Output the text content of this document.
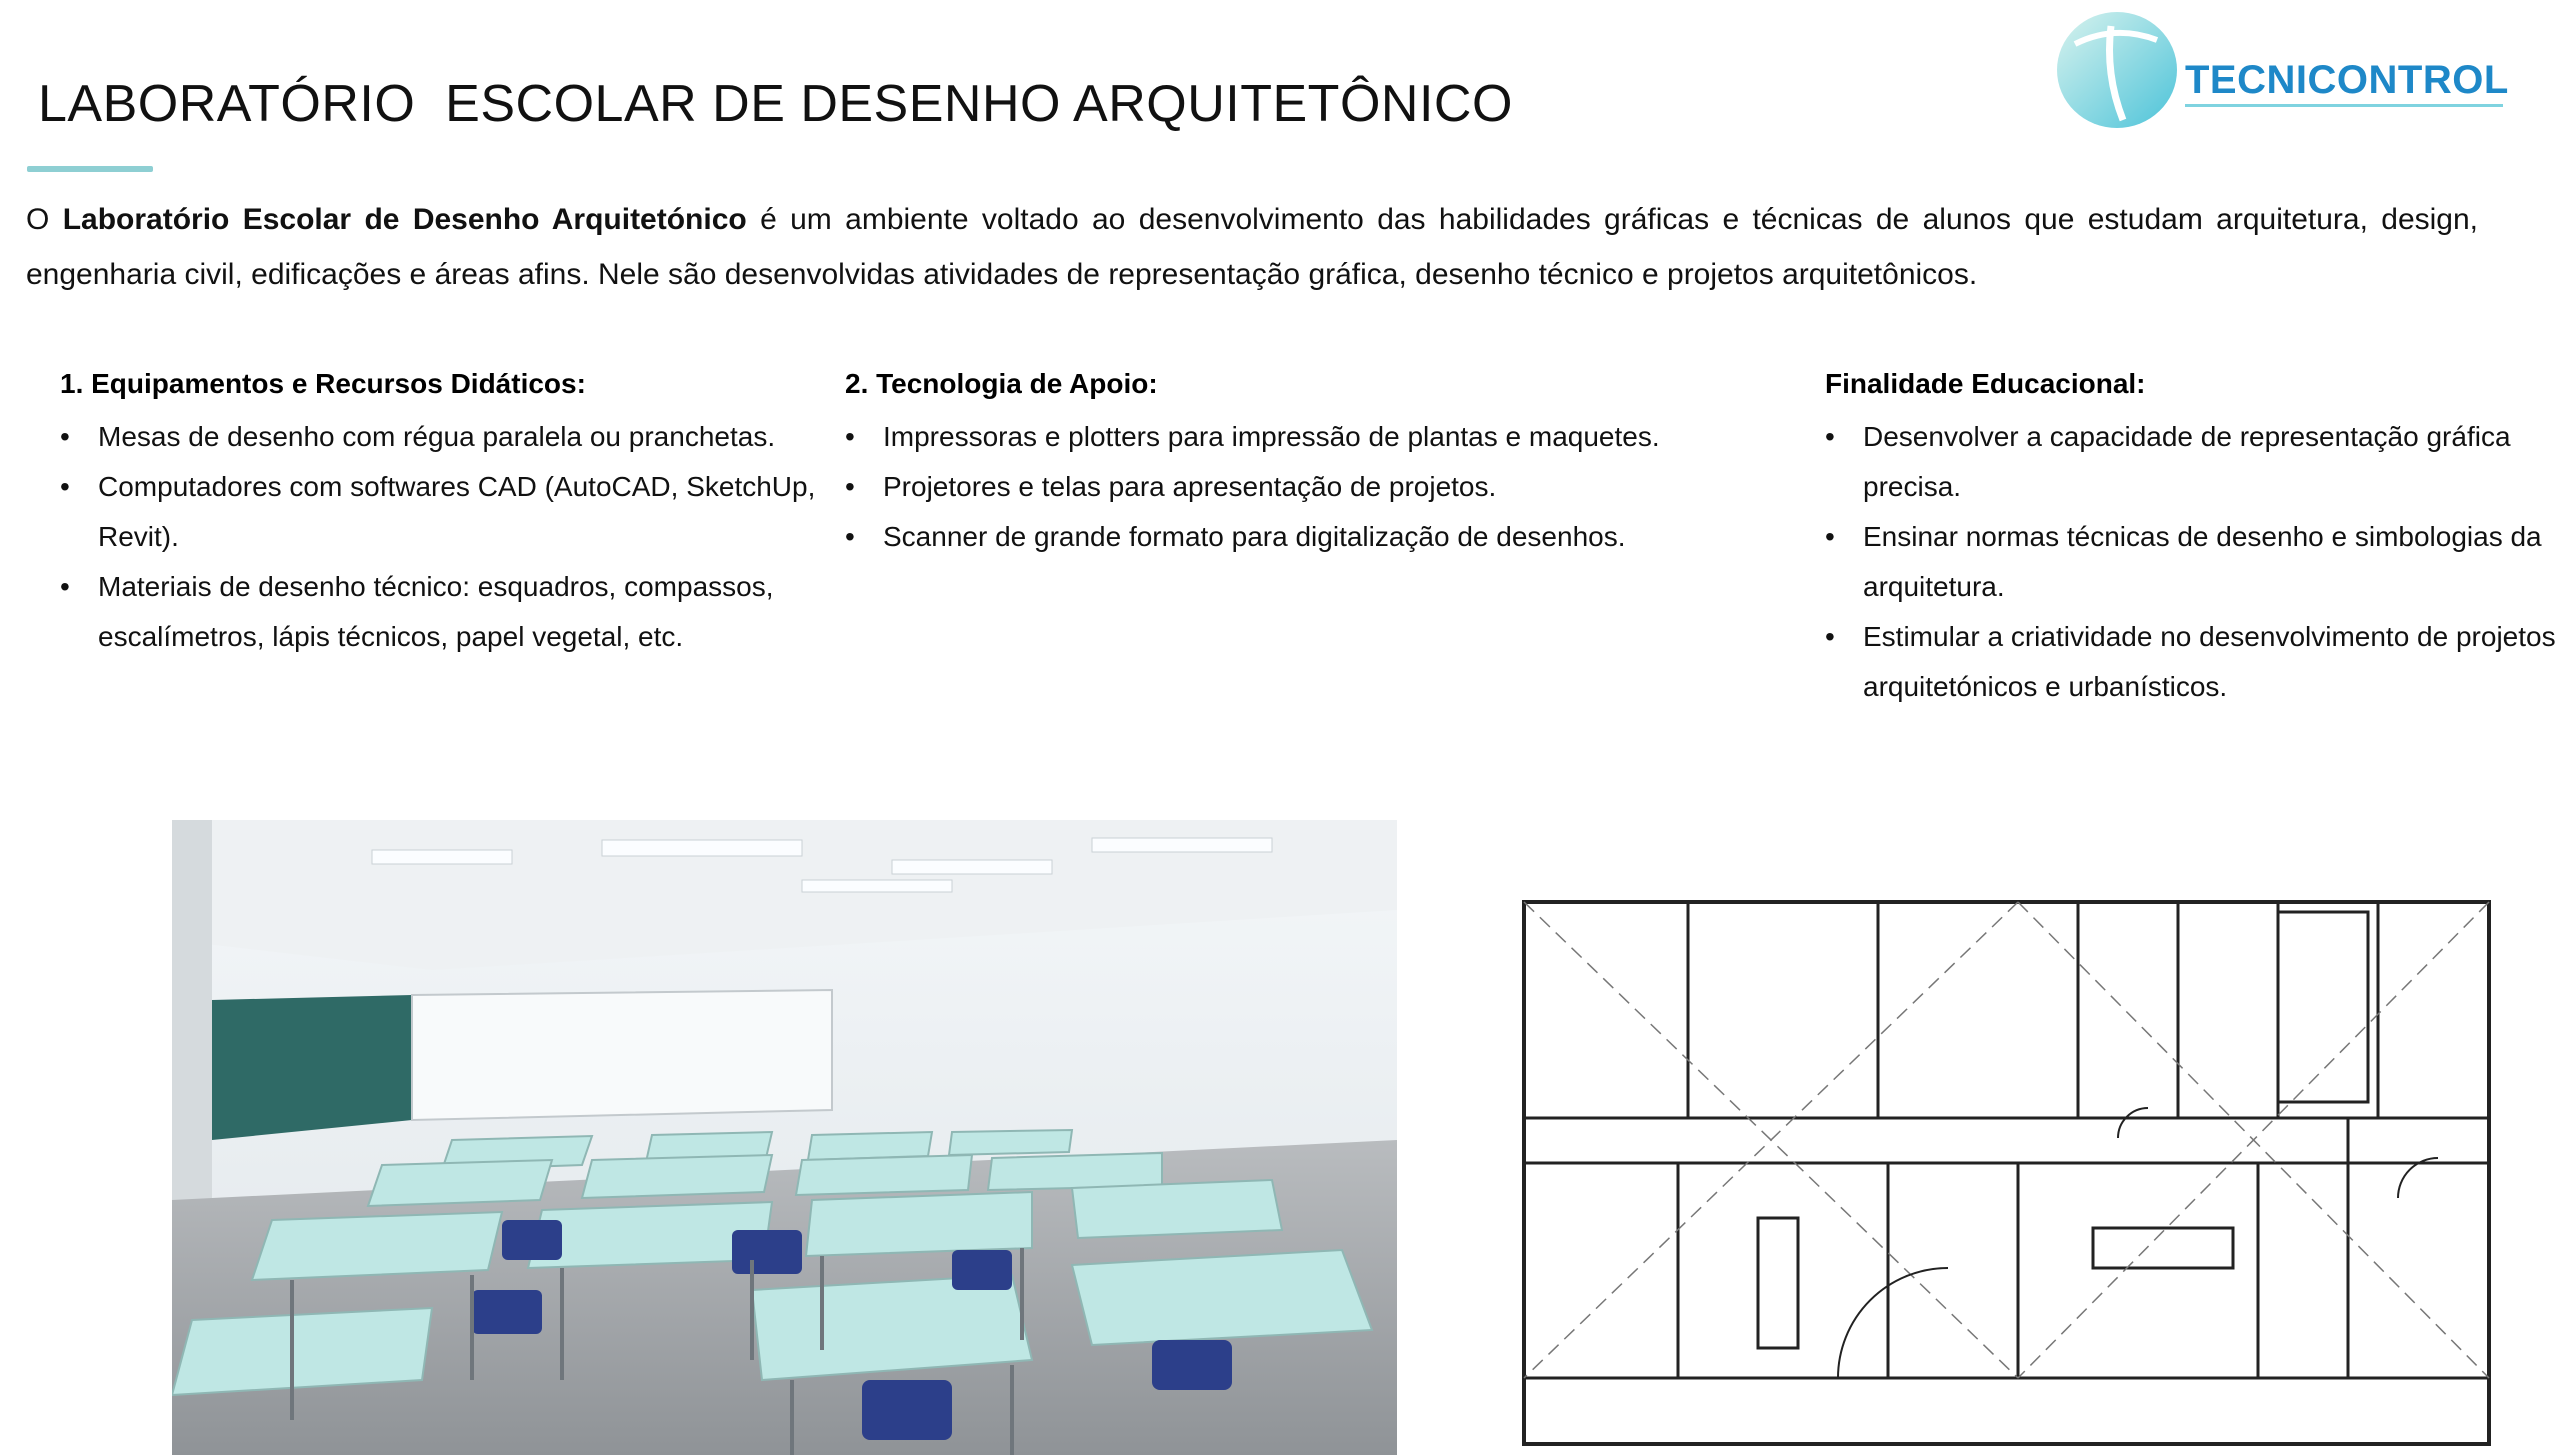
LABORATÓRIO  ESCOLAR DE DESENHO ARQUITETÔNICO	TECNICONTROL

O Laboratório Escolar de Desenho Arquitetónico é um ambiente voltado ao desenvolvimento das habilidades gráficas e técnicas de alunos que estudam arquitetura, design, engenharia civil, edificações e áreas afins. Nele são desenvolvidas atividades de representação gráfica, desenho técnico e projetos arquitetônicos.

1. Equipamentos e Recursos Didáticos:
• Mesas de desenho com régua paralela ou pranchetas.
• Computadores com softwares CAD (AutoCAD, SketchUp, Revit).
• Materiais de desenho técnico: esquadros, compassos, escalímetros, lápis técnicos, papel vegetal, etc.
2. Tecnologia de Apoio:
• Impressoras e plotters para impressão de plantas e maquetes.
• Projetores e telas para apresentação de projetos.
• Scanner de grande formato para digitalização de desenhos.
Finalidade Educacional:
• Desenvolver a capacidade de representação gráfica precisa.
• Ensinar normas técnicas de desenho e simbologias da arquitetura.
• Estimular a criatividade no desenvolvimento de projetos arquitetónicos e urbanísticos.
